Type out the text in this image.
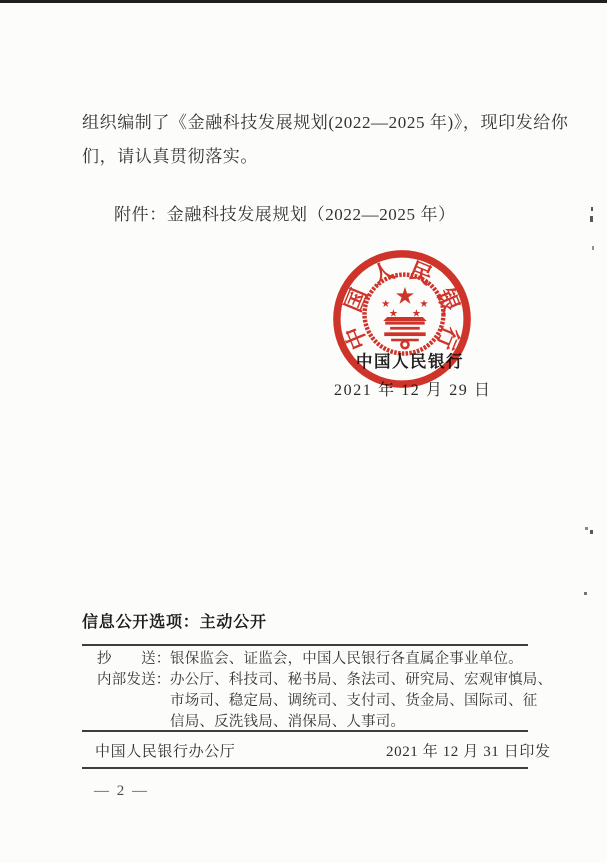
组织编制了《金融科技发展规划(2022—2025 年)》，现印发给你
们，请认真贯彻落实。
附件：金融科技发展规划（2022—2025 年）
中国人民银行
2021 年 12 月 29 日
中
国
人 民
银
行
信息公开选项：主动公开
抄　　送： 银保监会、证监会，中国人民银行各直属企事业单位。
内部发送： 办公厅、科技司、秘书局、条法司、研究局、宏观审慎局、
市场司、稳定局、调统司、支付司、货金局、国际司、征
信局、反洗钱局、消保局、人事司。
中国人民银行办公厅	2021 年 12 月 31 日印发
— 2 —
